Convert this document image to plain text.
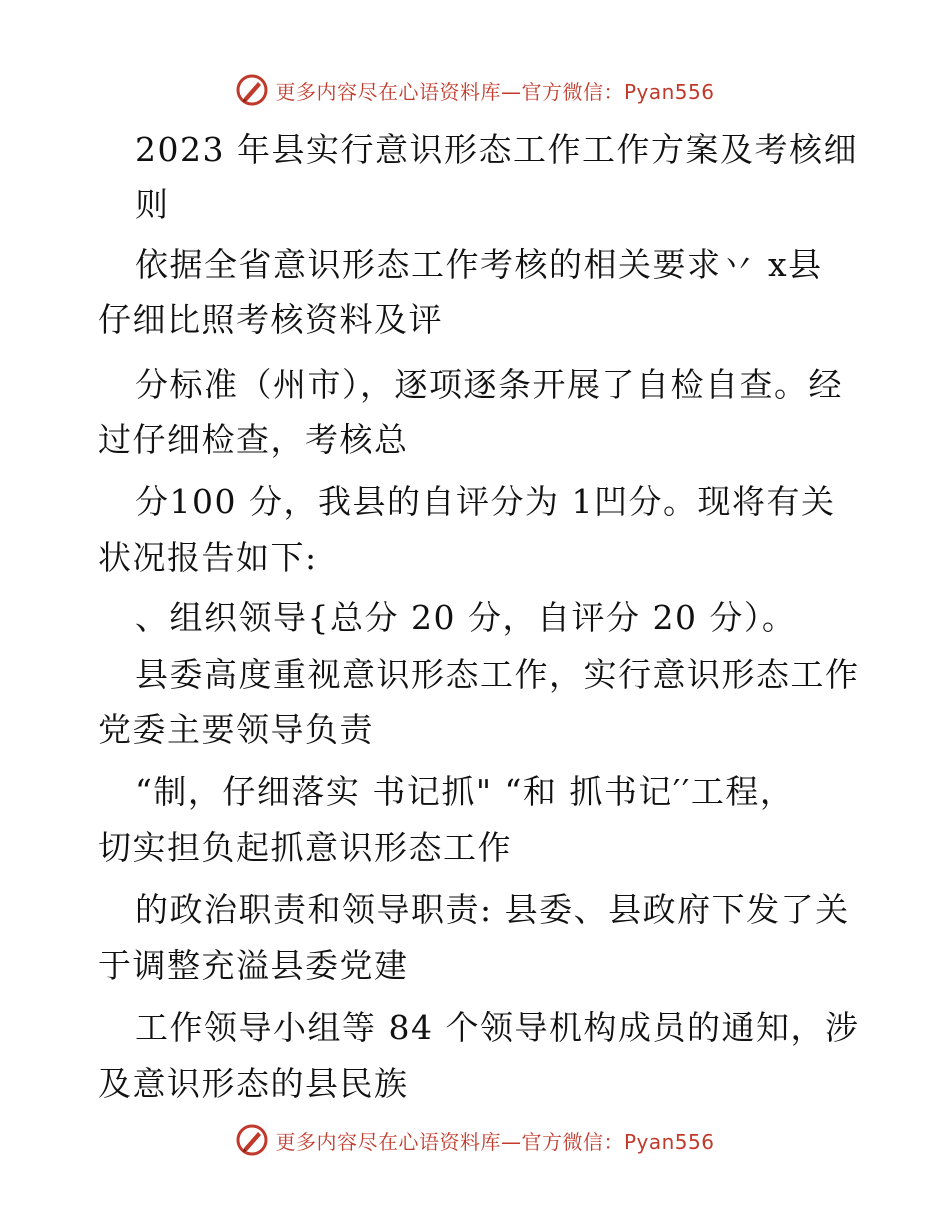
更多内容尽在心语资料库—官方微信：Pyan556
2023 年县实行意识形态工作工作方案及考核细
则
依据全省意识形态工作考核的相关要求丷 x县
仔细比照考核资料及评
分标准（州市），逐项逐条开展了自检自查。经
过仔细检查，考核总
分100 分，我县的自评分为 1凹分。现将有关
状况报告如下:
、组织领导{总分 20 分，自评分 20 分）。
县委高度重视意识形态工作，实行意识形态工作
党委主要领导负责
“制，仔细落实 书记抓" “和 抓书记′′工程，
切实担负起抓意识形态工作
的政治职责和领导职责: 县委、县政府下发了关
于调整充溢县委党建
工作领导小组等 84 个领导机构成员的通知，涉
及意识形态的县民族
更多内容尽在心语资料库—官方微信：Pyan556
